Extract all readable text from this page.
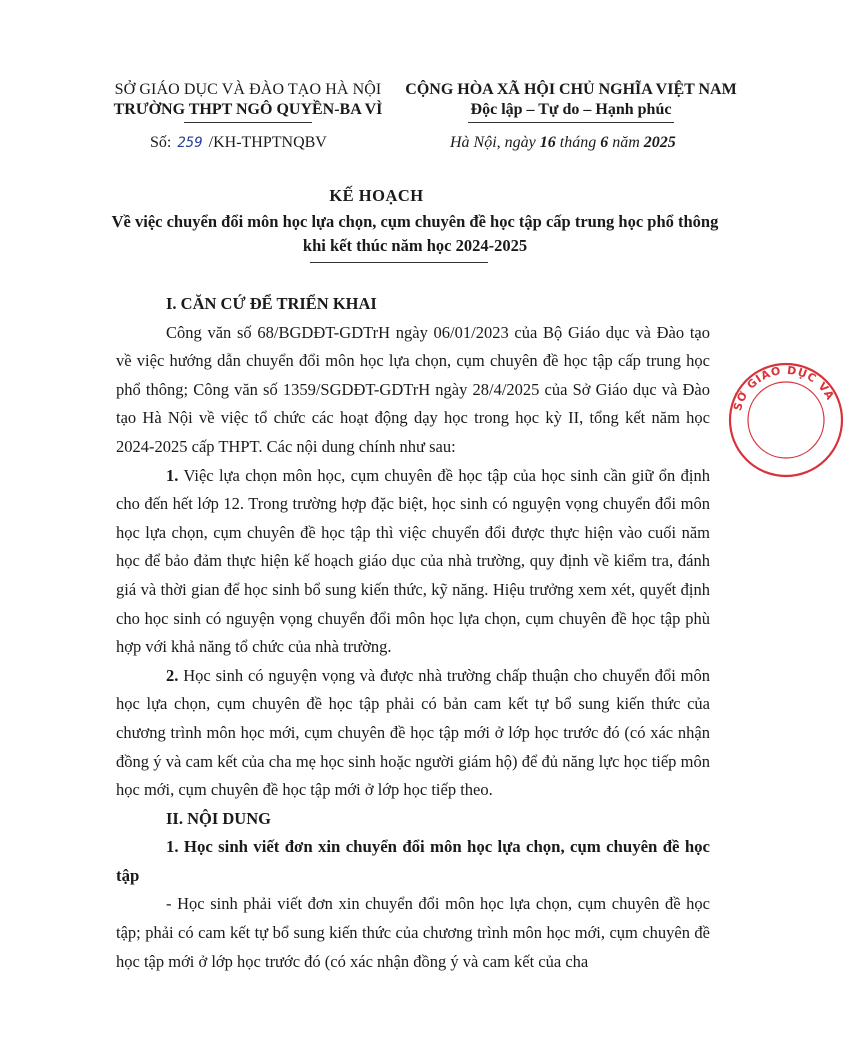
SỞ GIÁO DỤC VÀ ĐÀO TẠO HÀ NỘI
TRƯỜNG THPT NGÔ QUYỀN-BA VÌ
CỘNG HÒA XÃ HỘI CHỦ NGHĨA VIỆT NAM
Độc lập – Tự do – Hạnh phúc
Số: 259 /KH-THPTNQBV	Hà Nội, ngày 16 tháng 6 năm 2025
KẾ HOẠCH
Về việc chuyển đổi môn học lựa chọn, cụm chuyên đề học tập cấp trung học phổ thông khi kết thúc năm học 2024-2025

I. CĂN CỨ ĐỂ TRIỂN KHAI

Công văn số 68/BGDĐT-GDTrH ngày 06/01/2023 của Bộ Giáo dục và Đào tạo về việc hướng dẫn chuyển đổi môn học lựa chọn, cụm chuyên đề học tập cấp trung học phổ thông; Công văn số 1359/SGDĐT-GDTrH ngày 28/4/2025 của Sở Giáo dục và Đào tạo Hà Nội về việc tổ chức các hoạt động dạy học trong học kỳ II, tổng kết năm học 2024-2025 cấp THPT. Các nội dung chính như sau:

1. Việc lựa chọn môn học, cụm chuyên đề học tập của học sinh cần giữ ổn định cho đến hết lớp 12. Trong trường hợp đặc biệt, học sinh có nguyện vọng chuyển đổi môn học lựa chọn, cụm chuyên đề học tập thì việc chuyển đổi được thực hiện vào cuối năm học để bảo đảm thực hiện kế hoạch giáo dục của nhà trường, quy định về kiểm tra, đánh giá và thời gian để học sinh bổ sung kiến thức, kỹ năng. Hiệu trưởng xem xét, quyết định cho học sinh có nguyện vọng chuyển đổi môn học lựa chọn, cụm chuyên đề học tập phù hợp với khả năng tổ chức của nhà trường.

2. Học sinh có nguyện vọng và được nhà trường chấp thuận cho chuyển đổi môn học lựa chọn, cụm chuyên đề học tập phải có bản cam kết tự bổ sung kiến thức của chương trình môn học mới, cụm chuyên đề học tập mới ở lớp học trước đó (có xác nhận đồng ý và cam kết của cha mẹ học sinh hoặc người giám hộ) để đủ năng lực học tiếp môn học mới, cụm chuyên đề học tập mới ở lớp học tiếp theo.

II. NỘI DUNG

1. Học sinh viết đơn xin chuyển đổi môn học lựa chọn, cụm chuyên đề học tập

- Học sinh phải viết đơn xin chuyển đổi môn học lựa chọn, cụm chuyên đề học tập; phải có cam kết tự bổ sung kiến thức của chương trình môn học mới, cụm chuyên đề học tập mới ở lớp học trước đó (có xác nhận đồng ý và cam kết của cha

SỞ GIÁO DỤC VÀ
